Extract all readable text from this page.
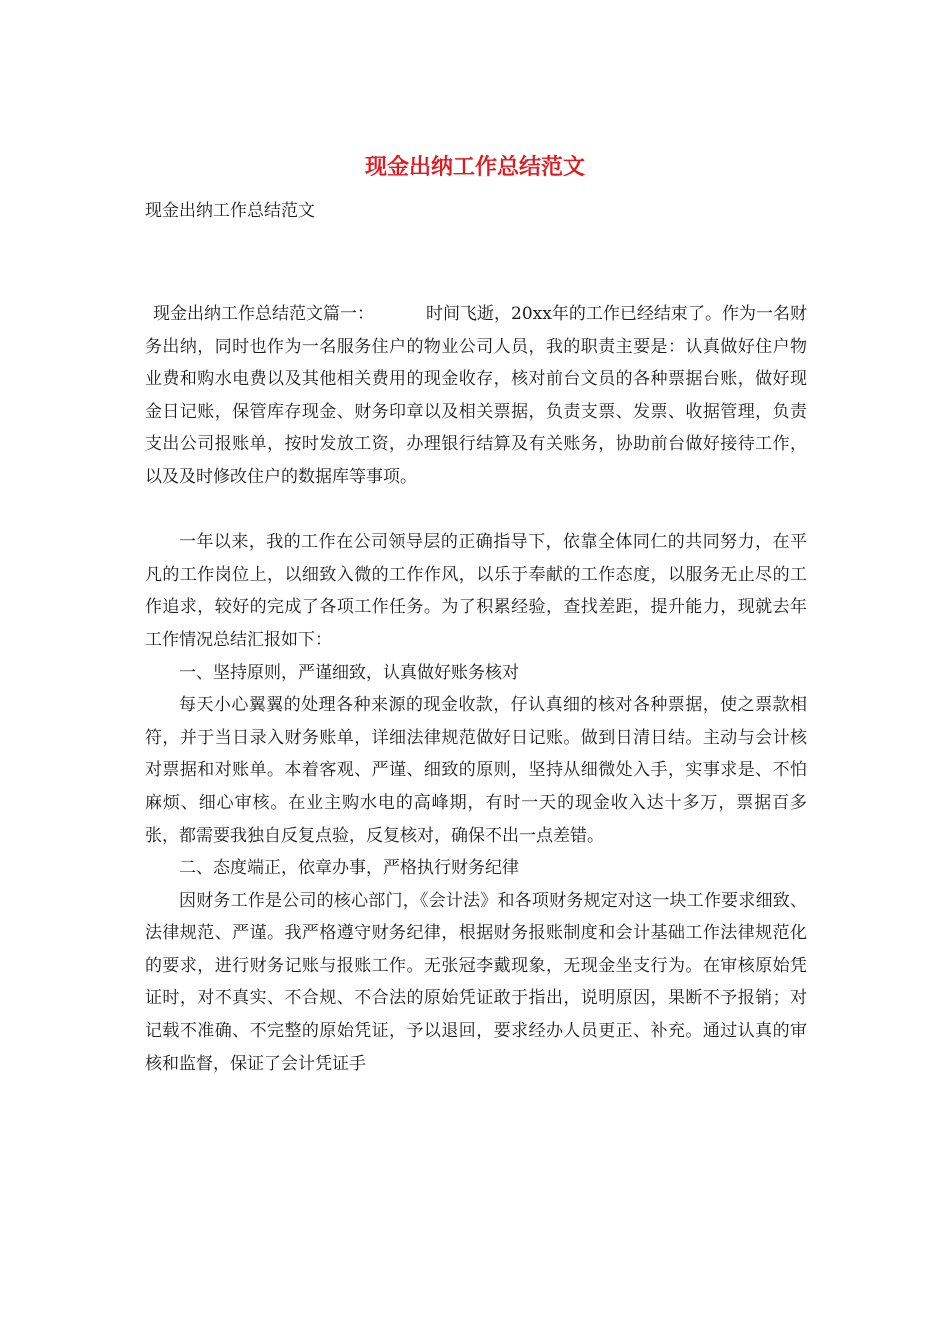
现金出纳工作总结范文
现金出纳工作总结范文

现金出纳工作总结范文篇一：	时间飞逝，20xx年的工作已经结束了。作为一名财务出纳，同时也作为一名服务住户的物业公司人员，我的职责主要是：认真做好住户物业费和购水电费以及其他相关费用的现金收存，核对前台文员的各种票据台账，做好现金日记账，保管库存现金、财务印章以及相关票据，负责支票、发票、收据管理，负责支出公司报账单，按时发放工资，办理银行结算及有关账务，协助前台做好接待工作，以及及时修改住户的数据库等事项。

一年以来，我的工作在公司领导层的正确指导下，依靠全体同仁的共同努力，在平凡的工作岗位上，以细致入微的工作作风，以乐于奉献的工作态度，以服务无止尽的工作追求，较好的完成了各项工作任务。为了积累经验，查找差距，提升能力，现就去年工作情况总结汇报如下：

一、坚持原则，严谨细致，认真做好账务核对

每天小心翼翼的处理各种来源的现金收款，仔认真细的核对各种票据，使之票款相符，并于当日录入财务账单，详细法律规范做好日记账。做到日清日结。主动与会计核对票据和对账单。本着客观、严谨、细致的原则，坚持从细微处入手，实事求是、不怕麻烦、细心审核。在业主购水电的高峰期，有时一天的现金收入达十多万，票据百多张，都需要我独自反复点验，反复核对，确保不出一点差错。

二、态度端正，依章办事，严格执行财务纪律

因财务工作是公司的核心部门，《会计法》和各项财务规定对这一块工作要求细致、法律规范、严谨。我严格遵守财务纪律，根据财务报账制度和会计基础工作法律规范化的要求，进行财务记账与报账工作。无张冠李戴现象，无现金坐支行为。在审核原始凭证时，对不真实、不合规、不合法的原始凭证敢于指出，说明原因，果断不予报销；对记载不准确、不完整的原始凭证，予以退回，要求经办人员更正、补充。通过认真的审核和监督，保证了会计凭证手
